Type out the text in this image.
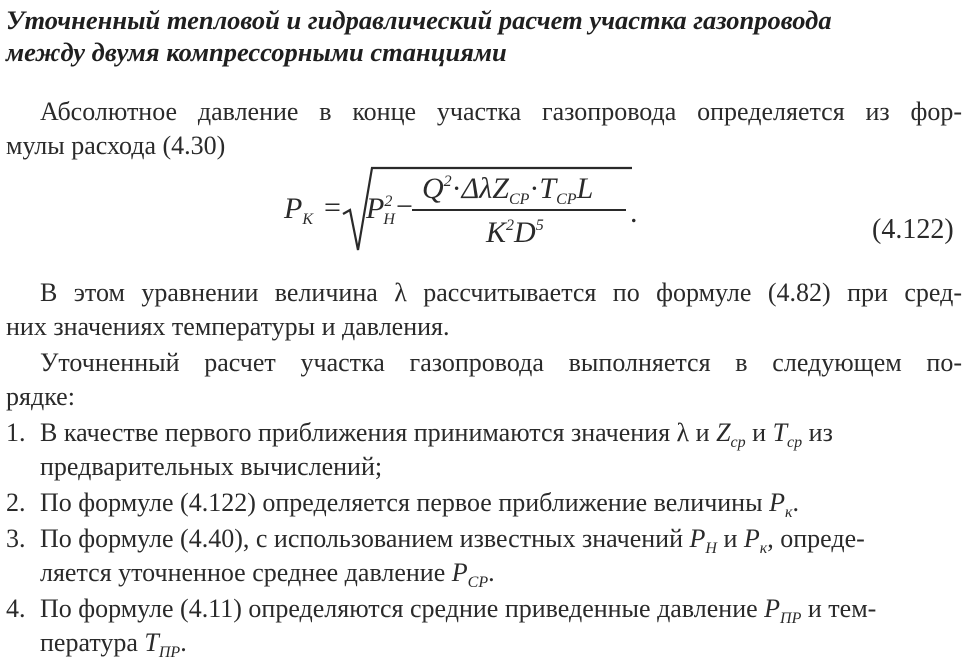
Уточненный тепловой и гидравлический расчет участка газопровода
между двумя компрессорными станциями
Абсолютное давление в конце участка газопровода определяется из фор-
мулы расхода (4.30)
$P_К = P^2_Н$ −
$Q^2\cdot\Delta\lambda Z_{CP}\cdot T_{CP}L$
$K^2D^5$	.
(4.122)
В этом уравнении величина λ рассчитывается по формуле (4.82) при сред-
них значениях температуры и давления.
Уточненный расчет участка газопровода выполняется в следующем по-
рядке:
1. В качестве первого приближения принимаются значения λ и $Z_{ср}$ и $T_{ср}$ из
предварительных вычислений;
2. По формуле (4.122) определяется первое приближение величины $P_к$.
3. По формуле (4.40), с использованием известных значений $P_Н$ и $P_к$, опреде-
ляется уточненное среднее давление $P_{CP}$.
4. По формуле (4.11) определяются средние приведенные давление $P_{ПР}$ и тем-
пература $T_{ПР}$.
